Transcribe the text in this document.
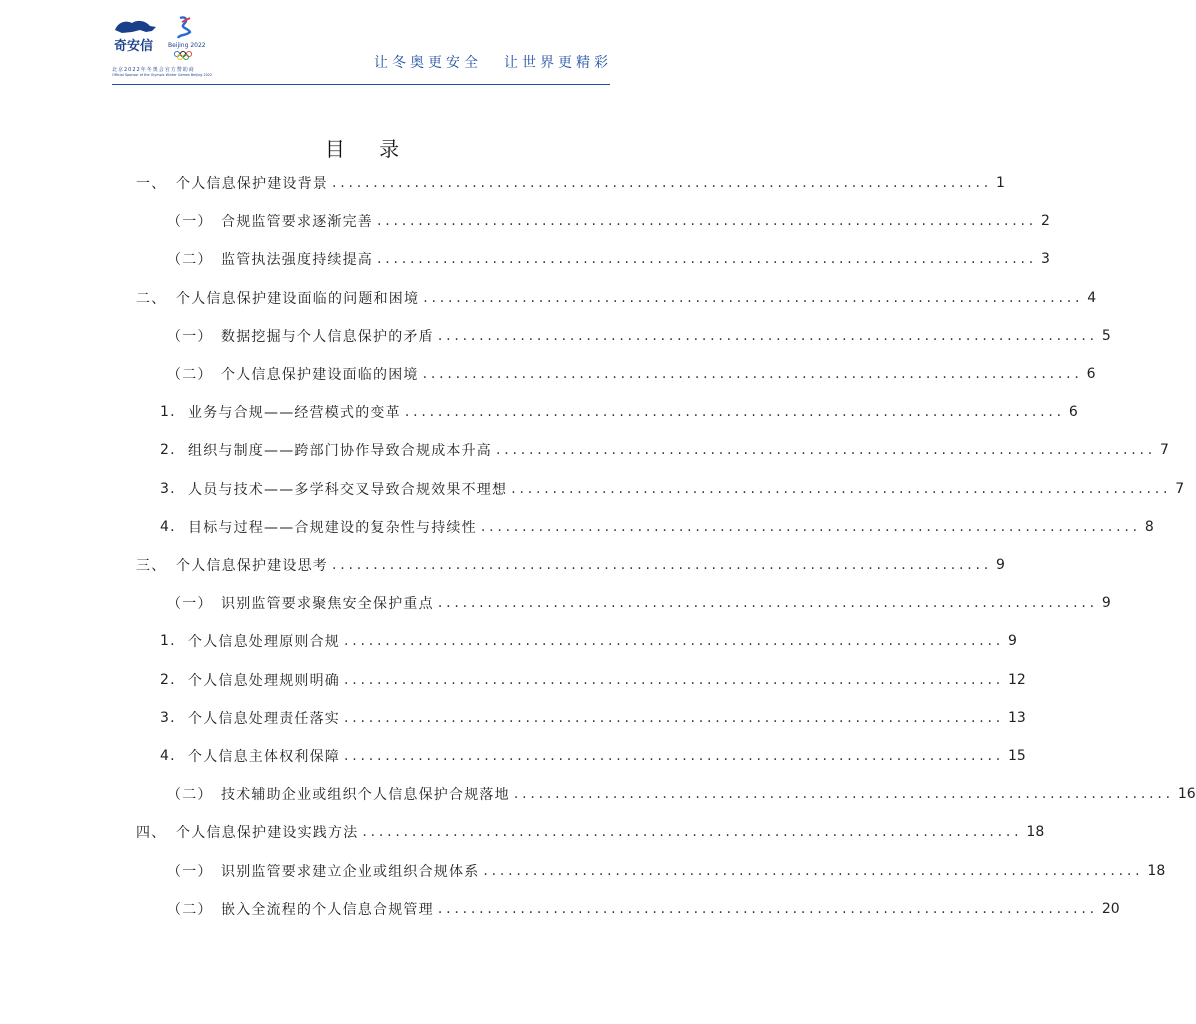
奇安信 Beijing 2022
北京2022年冬奥会官方赞助商
Official Sponsor of the Olympic Winter Games Beijing 2022
让冬奥更安全 让世界更精彩
目 录
一、 个人信息保护建设背景 ................................................................................ 1
（一） 合规监管要求逐渐完善 ................................................................................ 2
（二） 监管执法强度持续提高 ................................................................................ 3
二、 个人信息保护建设面临的问题和困境 ................................................................................ 4
（一） 数据挖掘与个人信息保护的矛盾 ................................................................................ 5
（二） 个人信息保护建设面临的困境 ................................................................................ 6
1. 业务与合规——经营模式的变革 ................................................................................ 6
2. 组织与制度——跨部门协作导致合规成本升高 ................................................................................ 7
3. 人员与技术——多学科交叉导致合规效果不理想 ................................................................................ 7
4. 目标与过程——合规建设的复杂性与持续性 ................................................................................ 8
三、 个人信息保护建设思考 ................................................................................ 9
（一） 识别监管要求聚焦安全保护重点 ................................................................................ 9
1. 个人信息处理原则合规 ................................................................................ 9
2. 个人信息处理规则明确 ................................................................................ 12
3. 个人信息处理责任落实 ................................................................................ 13
4. 个人信息主体权利保障 ................................................................................ 15
（二） 技术辅助企业或组织个人信息保护合规落地 ................................................................................ 16
四、 个人信息保护建设实践方法 ................................................................................ 18
（一） 识别监管要求建立企业或组织合规体系 ................................................................................ 18
（二） 嵌入全流程的个人信息合规管理 ................................................................................ 20
